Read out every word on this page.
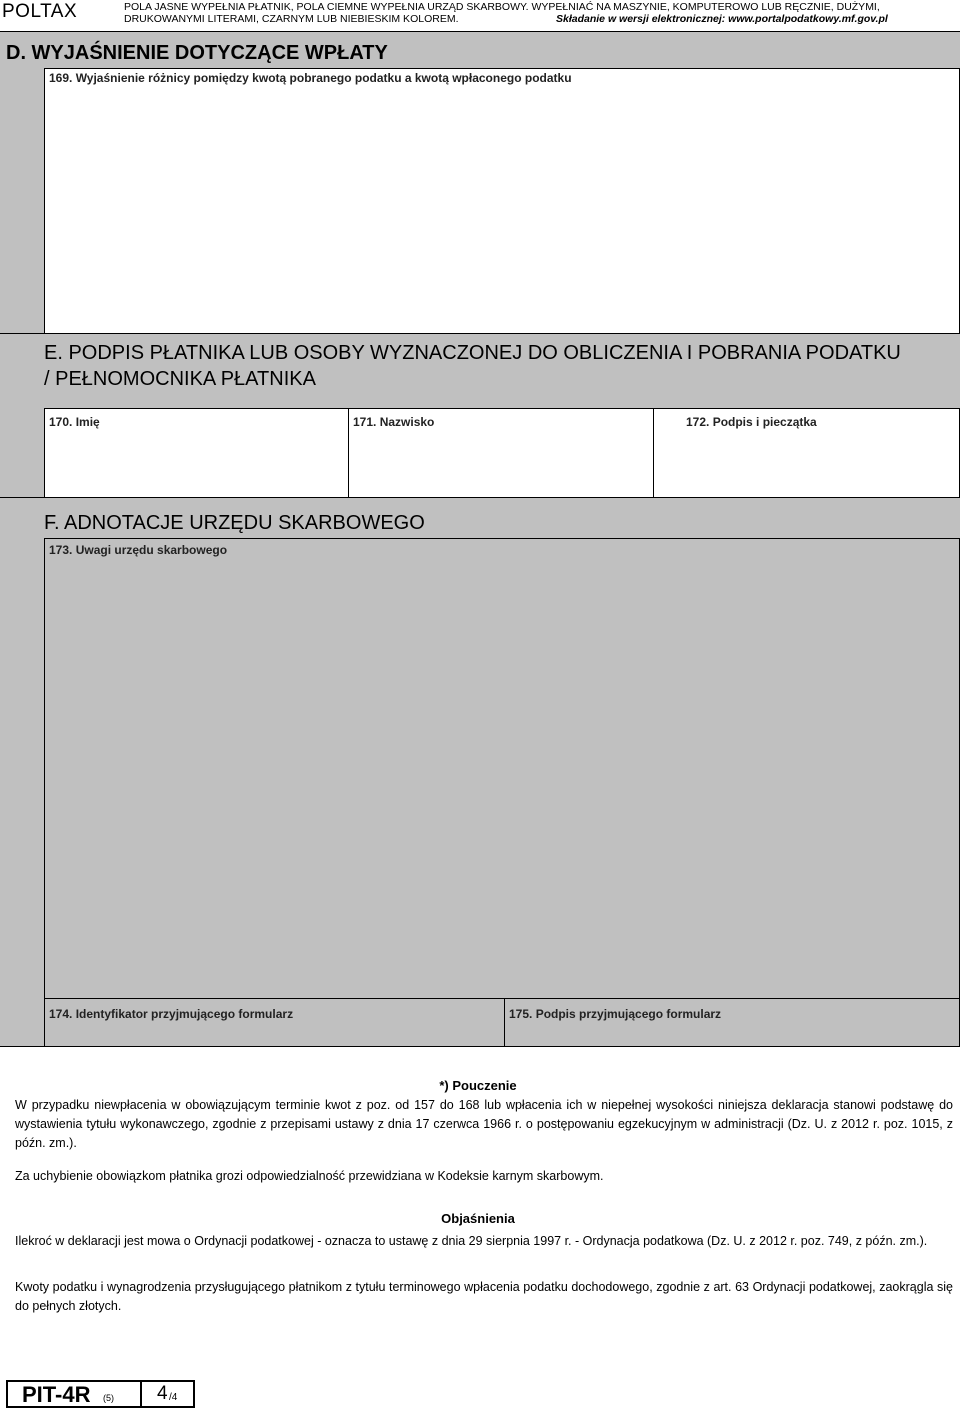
POLTAX	POLA JASNE WYPEŁNIA PŁATNIK, POLA CIEMNE WYPEŁNIA URZĄD SKARBOWY. WYPEŁNIAĆ NA MASZYNIE, KOMPUTEROWO LUB RĘCZNIE, DUŻYMI,
DRUKOWANYMI LITERAMI, CZARNYM LUB NIEBIESKIM KOLOREM.	Składanie w wersji elektronicznej: www.portalpodatkowy.mf.gov.pl
D. WYJAŚNIENIE DOTYCZĄCE WPŁATY
169. Wyjaśnienie różnicy pomiędzy kwotą pobranego podatku a kwotą wpłaconego podatku
E. PODPIS PŁATNIKA LUB OSOBY WYZNACZONEJ DO OBLICZENIA I POBRANIA PODATKU
/ PEŁNOMOCNIKA PŁATNIKA
170. Imię	171. Nazwisko	172. Podpis i pieczątka
F. ADNOTACJE URZĘDU SKARBOWEGO
173. Uwagi urzędu skarbowego
174. Identyfikator przyjmującego formularz	175. Podpis przyjmującego formularz
*) Pouczenie
W przypadku niewpłacenia w obowiązującym terminie kwot z poz. od 157 do 168 lub wpłacenia ich w niepełnej wysokości niniejsza deklaracja stanowi podstawę do wystawienia tytułu wykonawczego, zgodnie z przepisami ustawy z dnia 17 czerwca 1966 r. o postępowaniu egzekucyjnym w administracji (Dz. U. z 2012 r. poz. 1015, z późn. zm.).
Za uchybienie obowiązkom płatnika grozi odpowiedzialność przewidziana w Kodeksie karnym skarbowym.
Objaśnienia
Ilekroć w deklaracji jest mowa o Ordynacji podatkowej - oznacza to ustawę z dnia 29 sierpnia 1997 r. - Ordynacja podatkowa (Dz. U. z 2012 r. poz. 749, z późn. zm.).
Kwoty podatku i wynagrodzenia przysługującego płatnikom z tytułu terminowego wpłacenia podatku dochodowego, zgodnie z art. 63 Ordynacji podatkowej, zaokrągla się do pełnych złotych.
PIT-4R (5) 4 /4
